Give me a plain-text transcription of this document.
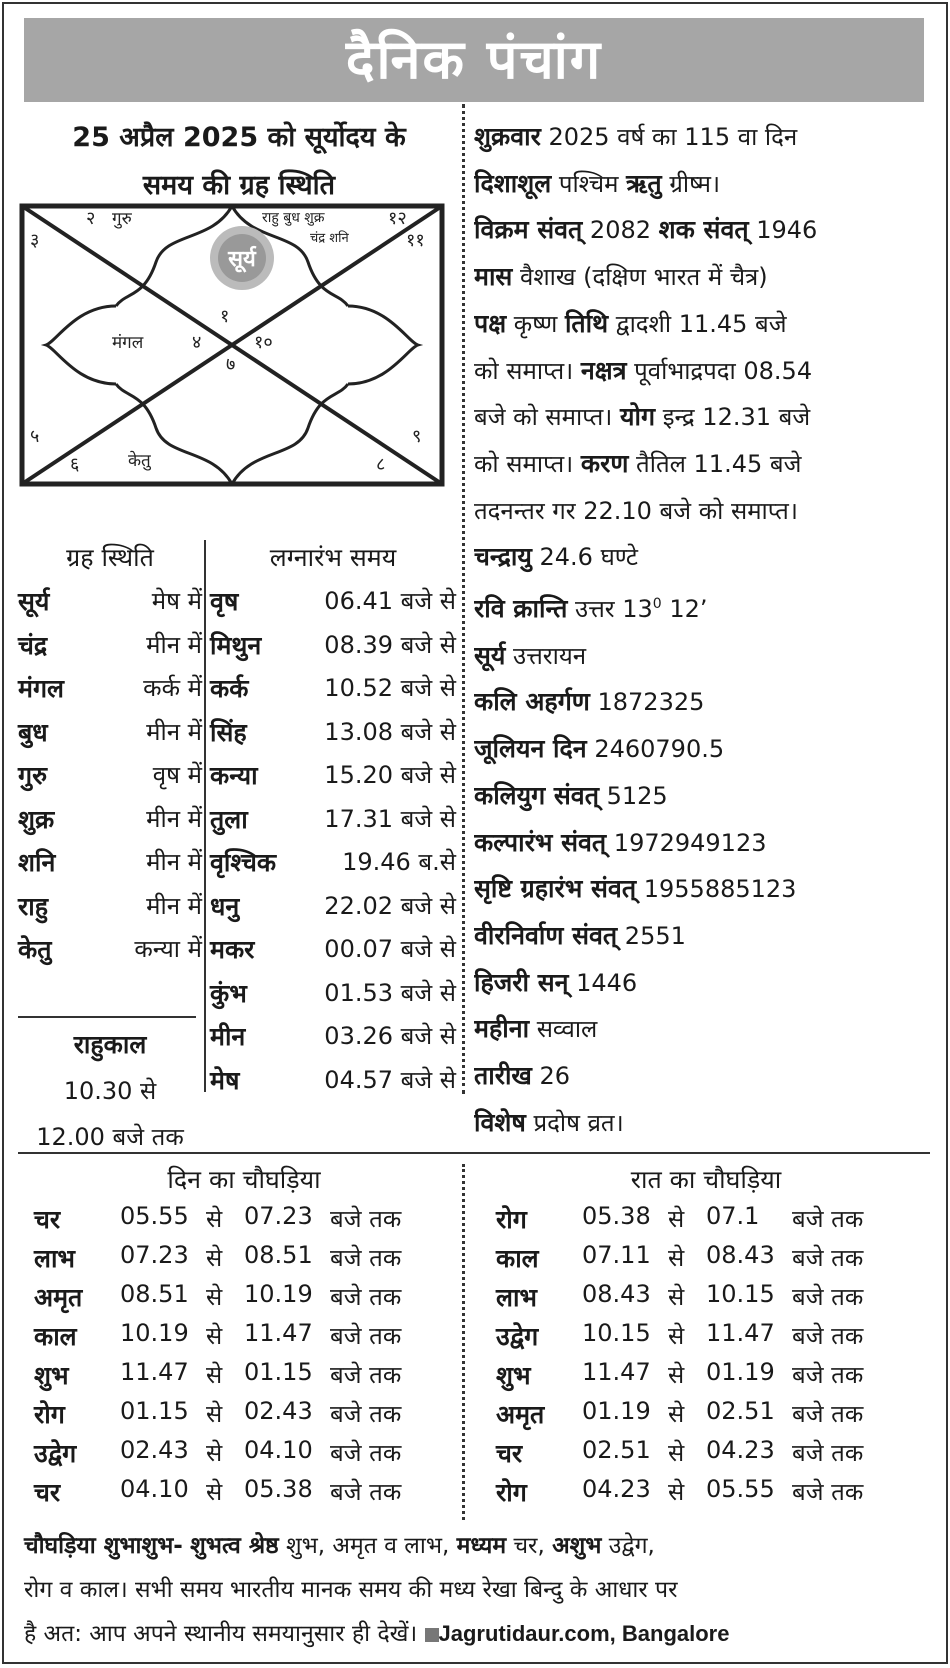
दैनिक पंचांग
25 अप्रैल 2025 को सूर्योदय के
समय की ग्रह स्थिति
सूर्य
२
३
१२
११
१
४	१०
७
५
६
९
८
गुरु	राहु बुध शुक्र
चंद्र शनि
मंगल
केतु
ग्रह स्थिति
सूर्य	मेष में
चंद्र	मीन में
मंगल	कर्क में
बुध	मीन में
गुरु	वृष में
शुक्र	मीन में
शनि	मीन में
राहु	मीन में
केतु	कन्या में
राहुकाल
10.30 से
12.00 बजे तक
लग्नारंभ समय
वृष	06.41 बजे से
मिथुन	08.39 बजे से
कर्क	10.52 बजे से
सिंह	13.08 बजे से
कन्या	15.20 बजे से
तुला	17.31 बजे से
वृश्चिक	19.46 ब.से
धनु	22.02 बजे से
मकर	00.07 बजे से
कुंभ	01.53 बजे से
मीन	03.26 बजे से
मेष	04.57 बजे से
शुक्रवार 2025 वर्ष का 115 वा दिन
दिशाशूल पश्चिम ऋतु ग्रीष्म।
विक्रम संवत् 2082 शक संवत् 1946
मास वैशाख (दक्षिण भारत में चैत्र)
पक्ष कृष्ण तिथि द्वादशी 11.45 बजे
को समाप्त। नक्षत्र पूर्वाभाद्रपदा 08.54
बजे को समाप्त। योग इन्द्र 12.31 बजे
को समाप्त। करण तैतिल 11.45 बजे
तदनन्तर गर 22.10 बजे को समाप्त।
चन्द्रायु 24.6 घण्टे
रवि क्रान्ति उत्तर $13^0$ 12’
सूर्य उत्तरायन
कलि अहर्गण 1872325
जूलियन दिन 2460790.5
कलियुग संवत् 5125
कल्पारंभ संवत् 1972949123
सृष्टि ग्रहारंभ संवत् 1955885123
वीरनिर्वाण संवत् 2551
हिजरी सन् 1446
महीना सव्वाल
तारीख 26
विशेष प्रदोष व्रत।
दिन का चौघड़िया
चर 05.55 से 07.23 बजे तक
लाभ 07.23 से 08.51 बजे तक
अमृत 08.51 से 10.19 बजे तक
काल 10.19 से 11.47 बजे तक
शुभ 11.47 से 01.15 बजे तक
रोग 01.15 से 02.43 बजे तक
उद्वेग 02.43 से 04.10 बजे तक
चर 04.10 से 05.38 बजे तक
रात का चौघड़िया
रोग 05.38 से 07.1 बजे तक
काल 07.11 से 08.43 बजे तक
लाभ 08.43 से 10.15 बजे तक
उद्वेग 10.15 से 11.47 बजे तक
शुभ 11.47 से 01.19 बजे तक
अमृत 01.19 से 02.51 बजे तक
चर 02.51 से 04.23 बजे तक
रोग 04.23 से 05.55 बजे तक
चौघड़िया शुभाशुभ- शुभत्व श्रेष्ठ शुभ, अमृत व लाभ, मध्यम चर, अशुभ उद्वेग,
रोग व काल। सभी समय भारतीय मानक समय की मध्य रेखा बिन्दु के आधार पर
है अत: आप अपने स्थानीय समयानुसार ही देखें। Jagrutidaur.com, Bangalore
